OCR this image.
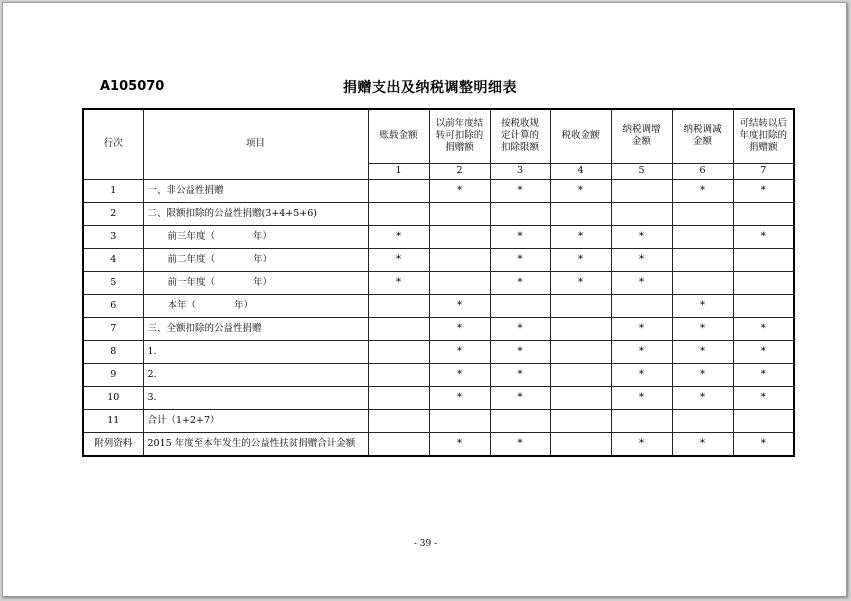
A105070	捐赠支出及纳税调整明细表
行次	项目	账载金额	以前年度结转可扣除的捐赠额	按税收规定计算的扣除限额	税收金额	纳税调增金额	纳税调减金额	可结转以后年度扣除的捐赠额
		1	2	3	4	5	6	7
1	一、非公益性捐赠		*	*	*		*	*
2	二、限额扣除的公益性捐赠(3+4+5+6)							
3	前三年度（　　　　年）	*		*	*	*		*
4	前二年度（　　　　年）	*		*	*	*		
5	前一年度（　　　　年）	*		*	*	*		
6	本年（　　　　年）		*				*	
7	三、全额扣除的公益性捐赠		*	*		*	*	*
8	1.		*	*		*	*	*
9	2.		*	*		*	*	*
10	3.		*	*		*	*	*
11	合计（1+2+7）							
附列资料	2015 年度至本年发生的公益性扶贫捐赠合计金额		*	*		*	*	*
- 39 -
